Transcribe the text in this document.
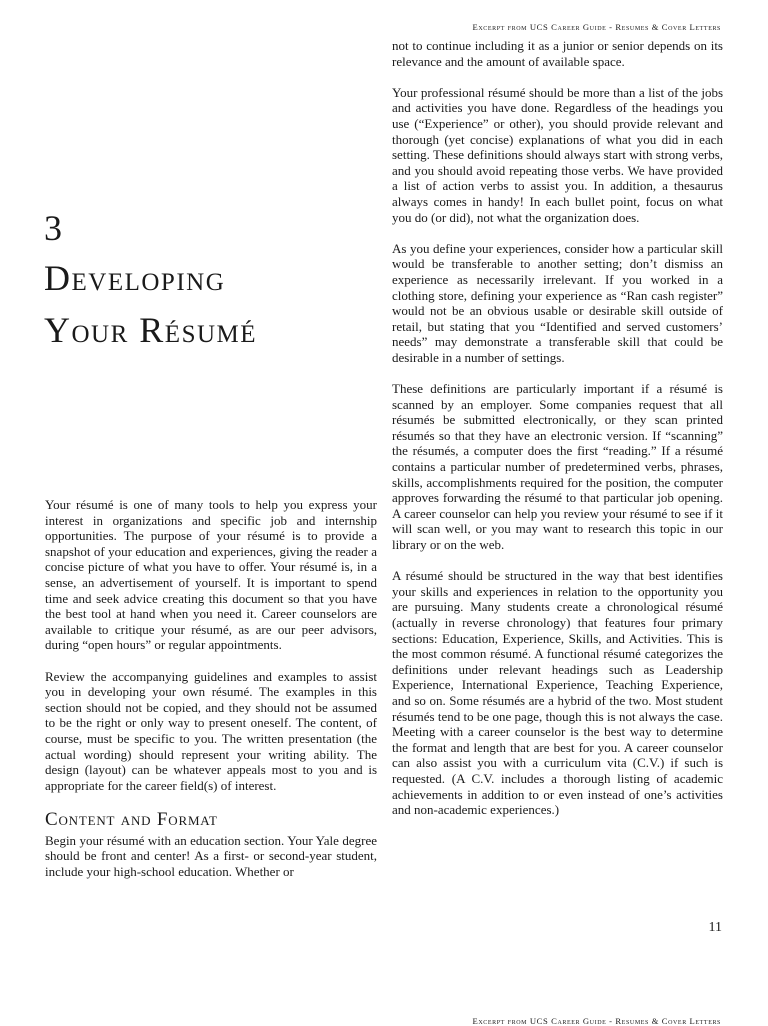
Excerpt from UCS Career Guide - Resumes & Cover Letters
3
Developing
Your Résumé

Your résumé is one of many tools to help you express your interest in organizations and specific job and internship opportunities. The purpose of your résumé is to provide a snapshot of your education and experiences, giving the reader a concise picture of what you have to offer. Your résumé is, in a sense, an advertisement of yourself. It is important to spend time and seek advice creating this document so that you have the best tool at hand when you need it. Career counselors are available to critique your résumé, as are our peer advisors, during “open hours” or regular appointments.

Review the accompanying guidelines and examples to assist you in developing your own résumé. The examples in this section should not be copied, and they should not be assumed to be the right or only way to present oneself. The content, of course, must be specific to you. The written presentation (the actual wording) should represent your writing ability. The design (layout) can be whatever appeals most to you and is appropriate for the career field(s) of interest.

Content and Format

Begin your résumé with an education section. Your Yale degree should be front and center! As a first- or second-year student, include your high-school education. Whether or

not to continue including it as a junior or senior depends on its relevance and the amount of available space.

Your professional résumé should be more than a list of the jobs and activities you have done. Regardless of the headings you use (“Experience” or other), you should provide relevant and thorough (yet concise) explanations of what you did in each setting. These definitions should always start with strong verbs, and you should avoid repeating those verbs. We have provided a list of action verbs to assist you. In addition, a thesaurus always comes in handy! In each bullet point, focus on what you do (or did), not what the organization does.

As you define your experiences, consider how a particular skill would be transferable to another setting; don’t dismiss an experience as necessarily irrelevant. If you worked in a clothing store, defining your experience as “Ran cash register” would not be an obvious usable or desirable skill outside of retail, but stating that you “Identified and served customers’ needs” may demonstrate a transferable skill that could be desirable in a number of settings.

These definitions are particularly important if a résumé is scanned by an employer. Some companies request that all résumés be submitted electronically, or they scan printed résumés so that they have an electronic version. If “scanning” the résumés, a computer does the first “reading.” If a résumé contains a particular number of predetermined verbs, phrases, skills, accomplishments required for the position, the computer approves forwarding the résumé to that particular job opening. A career counselor can help you review your résumé to see if it will scan well, or you may want to research this topic in our library or on the web.

A résumé should be structured in the way that best identifies your skills and experiences in relation to the opportunity you are pursuing. Many students create a chronological résumé (actually in reverse chronology) that features four primary sections: Education, Experience, Skills, and Activities. This is the most common résumé. A functional résumé categorizes the definitions under relevant headings such as Leadership Experience, International Experience, Teaching Experience, and so on. Some résumés are a hybrid of the two. Most student résumés tend to be one page, though this is not always the case. Meeting with a career counselor is the best way to determine the format and length that are best for you. A career counselor can also assist you with a curriculum vita (C.V.) if such is requested. (A C.V. includes a thorough listing of academic achievements in addition to or even instead of one’s activities and non-academic experiences.)

11
Excerpt from UCS Career Guide - Resumes & Cover Letters
